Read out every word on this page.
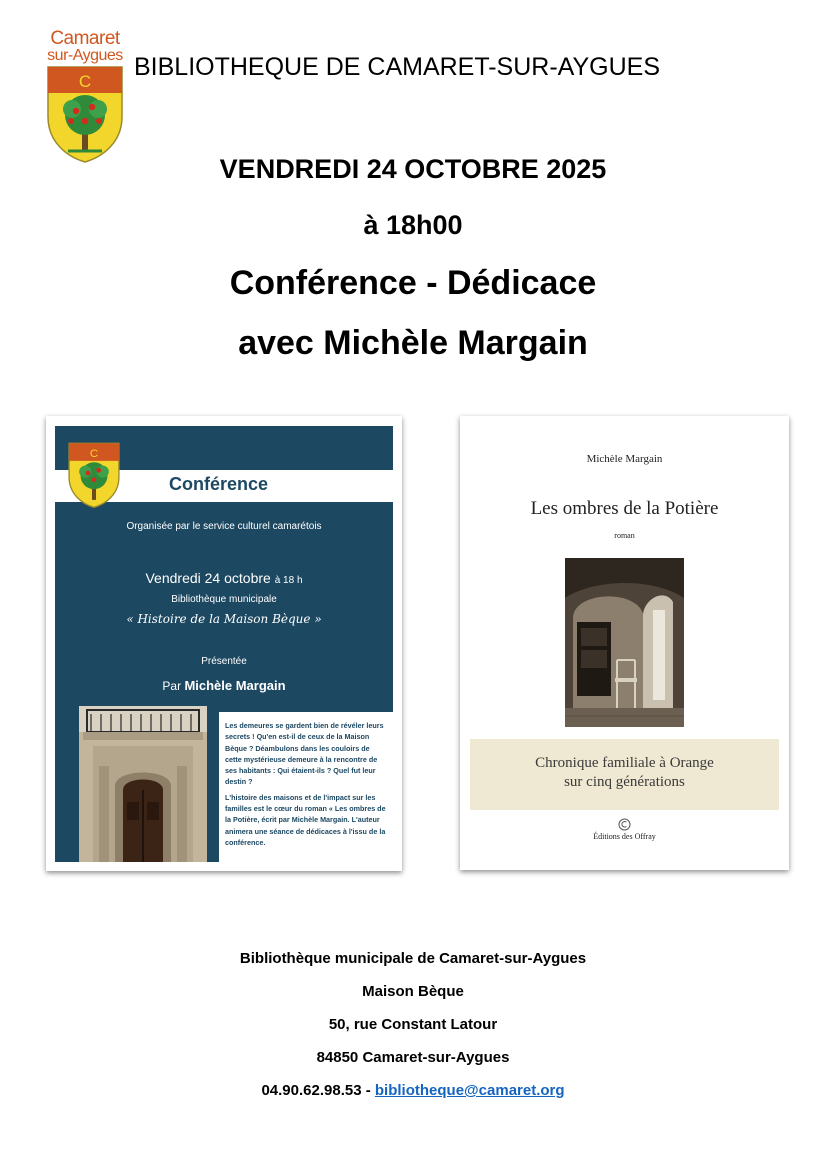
Camaret
sur-Aygues
C
BIBLIOTHEQUE DE CAMARET-SUR-AYGUES
VENDREDI 24 OCTOBRE 2025
à 18h00
Conférence - Dédicace
avec Michèle Margain
Conférence
C
Organisée par le service culturel camarétois
Vendredi 24 octobre à 18 h
Bibliothèque municipale
« Histoire de la Maison Bèque »
Présentée
Par Michèle Margain

Les demeures se gardent bien de révéler leurs secrets ! Qu'en est-il de ceux de la Maison Bèque ? Déambulons dans les couloirs de cette mystérieuse demeure à la rencontre de ses habitants : Qui étaient-ils ? Quel fut leur destin ?

L'histoire des maisons et de l'impact sur les familles est le cœur du roman « Les ombres de la Potière, écrit par Michèle Margain. L'auteur animera une séance de dédicaces à l'issu de la conférence.

Michèle Margain
Les ombres de la Potière
roman
Chronique familiale à Orange
sur cinq générations
Éditions des Offray
Bibliothèque municipale de Camaret-sur-Aygues
Maison Bèque
50, rue Constant Latour
84850 Camaret-sur-Aygues
04.90.62.98.53 - bibliotheque@camaret.org
